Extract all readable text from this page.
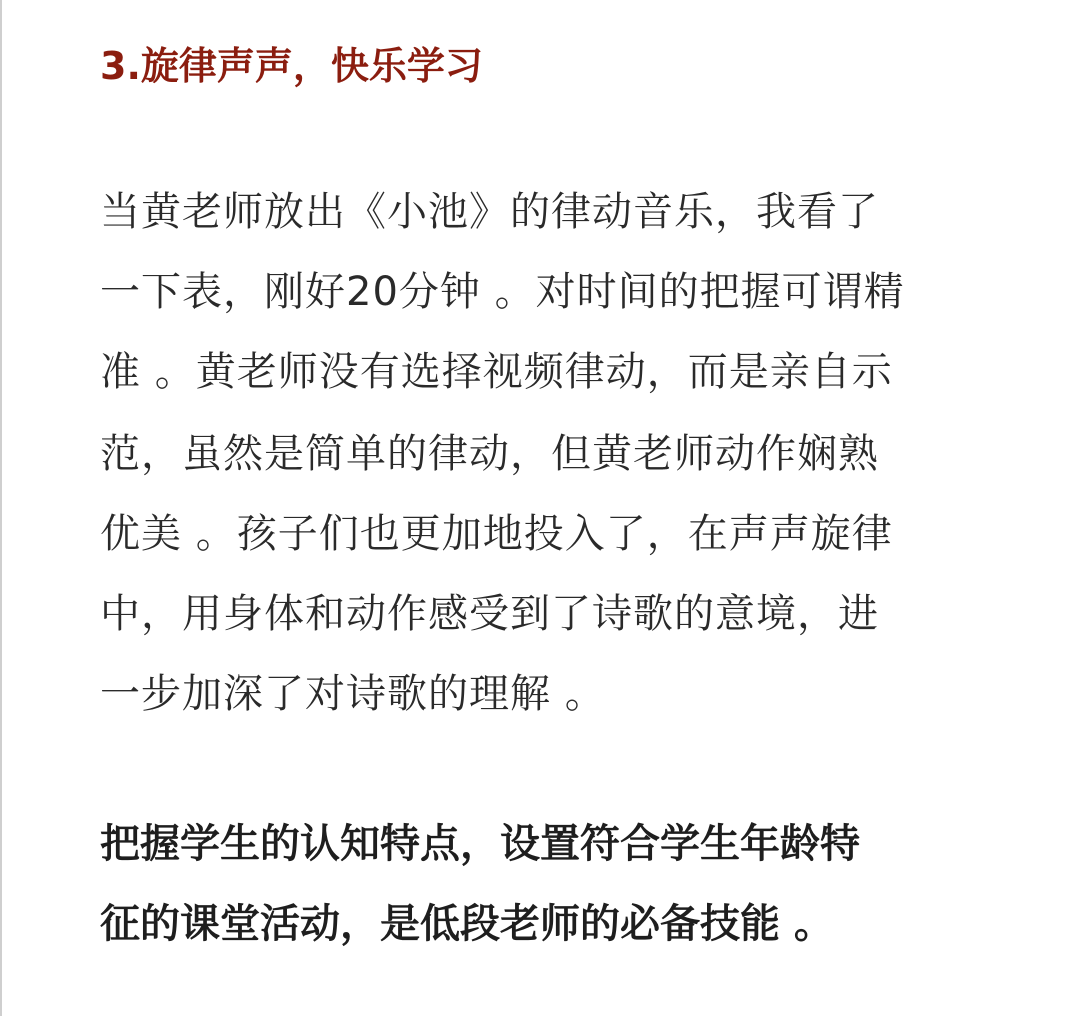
3.旋律声声，快乐学习

当黄老师放出《小池》的律动音乐，我看了

一下表，刚好20分钟 。对时间的把握可谓精

准 。黄老师没有选择视频律动，而是亲自示

范，虽然是简单的律动，但黄老师动作娴熟

优美 。孩子们也更加地投入了，在声声旋律

中，用身体和动作感受到了诗歌的意境，进

一步加深了对诗歌的理解 。

把握学生的认知特点，设置符合学生年龄特

征的课堂活动，是低段老师的必备技能 。
